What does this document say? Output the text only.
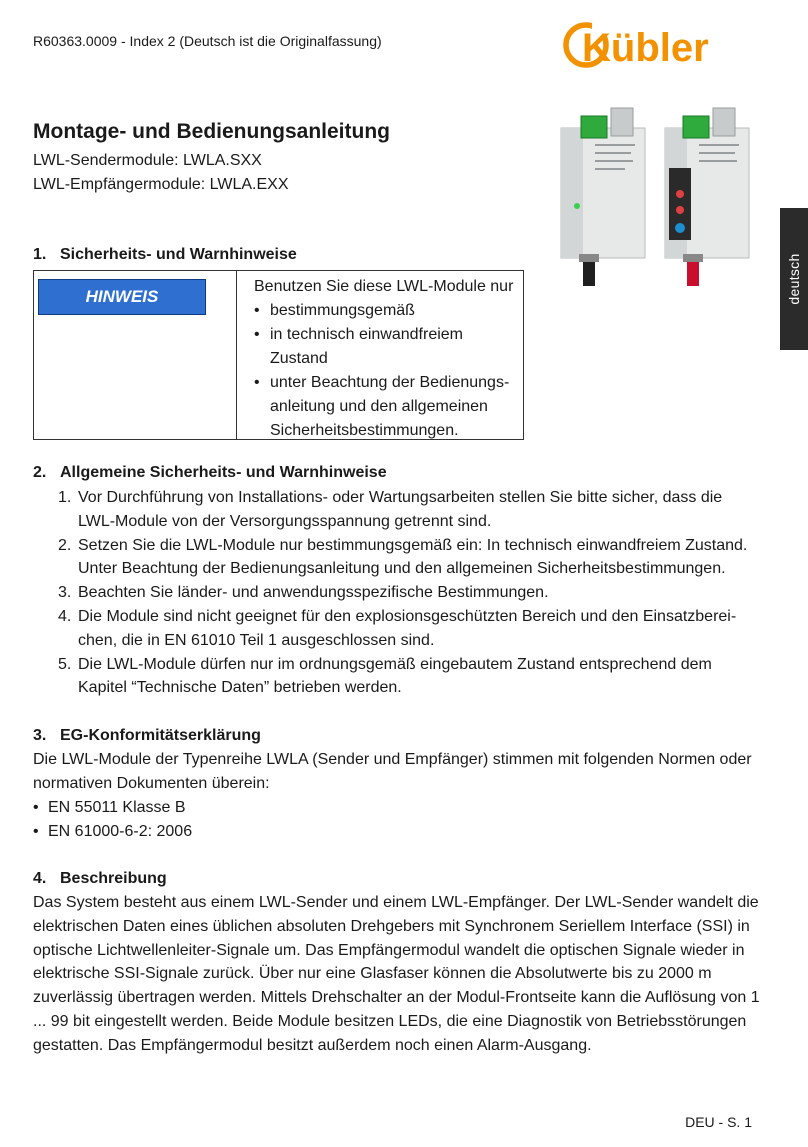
R60363.0009 - Index 2 (Deutsch ist die Originalfassung)	Kübler
deutsch
Montage- und Bedienungsanleitung
LWL-Sendermodule: LWLA.SXX
LWL-Empfängermodule: LWLA.EXX
1. Sicherheits- und Warnhinweise
HINWEIS
Benutzen Sie diese LWL-Module nur
• bestimmungsgemäß
• in technisch einwandfreiem Zustand
• unter Beachtung der Bedienungs-anleitung und den allgemeinen Sicherheitsbestimmungen.
2. Allgemeine Sicherheits- und Warnhinweise
1. Vor Durchführung von Installations- oder Wartungsarbeiten stellen Sie bitte sicher, dass die LWL-Module von der Versorgungsspannung getrennt sind.
2. Setzen Sie die LWL-Module nur bestimmungsgemäß ein: In technisch einwandfreiem Zustand. Unter Beachtung der Bedienungsanleitung und den allgemeinen Sicherheitsbestimmungen.
3. Beachten Sie länder- und anwendungsspezifische Bestimmungen.
4. Die Module sind nicht geeignet für den explosionsgeschützten Bereich und den Einsatzberei-chen, die in EN 61010 Teil 1 ausgeschlossen sind.
5. Die LWL-Module dürfen nur im ordnungsgemäß eingebautem Zustand entsprechend dem Kapitel “Technische Daten” betrieben werden.
3. EG-Konformitätserklärung
Die LWL-Module der Typenreihe LWLA (Sender und Empfänger) stimmen mit folgenden Normen oder normativen Dokumenten überein:
• EN 55011 Klasse B
• EN 61000-6-2: 2006
4. Beschreibung
Das System besteht aus einem LWL-Sender und einem LWL-Empfänger. Der LWL-Sender wandelt die elektrischen Daten eines üblichen absoluten Drehgebers mit Synchronem Seriellem Interface (SSI) in optische Lichtwellenleiter-Signale um. Das Empfängermodul wandelt die optischen Signale wieder in elektrische SSI-Signale zurück. Über nur eine Glasfaser können die Absolutwerte bis zu 2000 m zuverlässig übertragen werden. Mittels Drehschalter an der Modul-Frontseite kann die Auflösung von 1 ... 99 bit eingestellt werden. Beide Module besitzen LEDs, die eine Diagnostik von Betriebsstörungen gestatten. Das Empfängermodul besitzt außerdem noch einen Alarm-Ausgang.
DEU - S. 1
